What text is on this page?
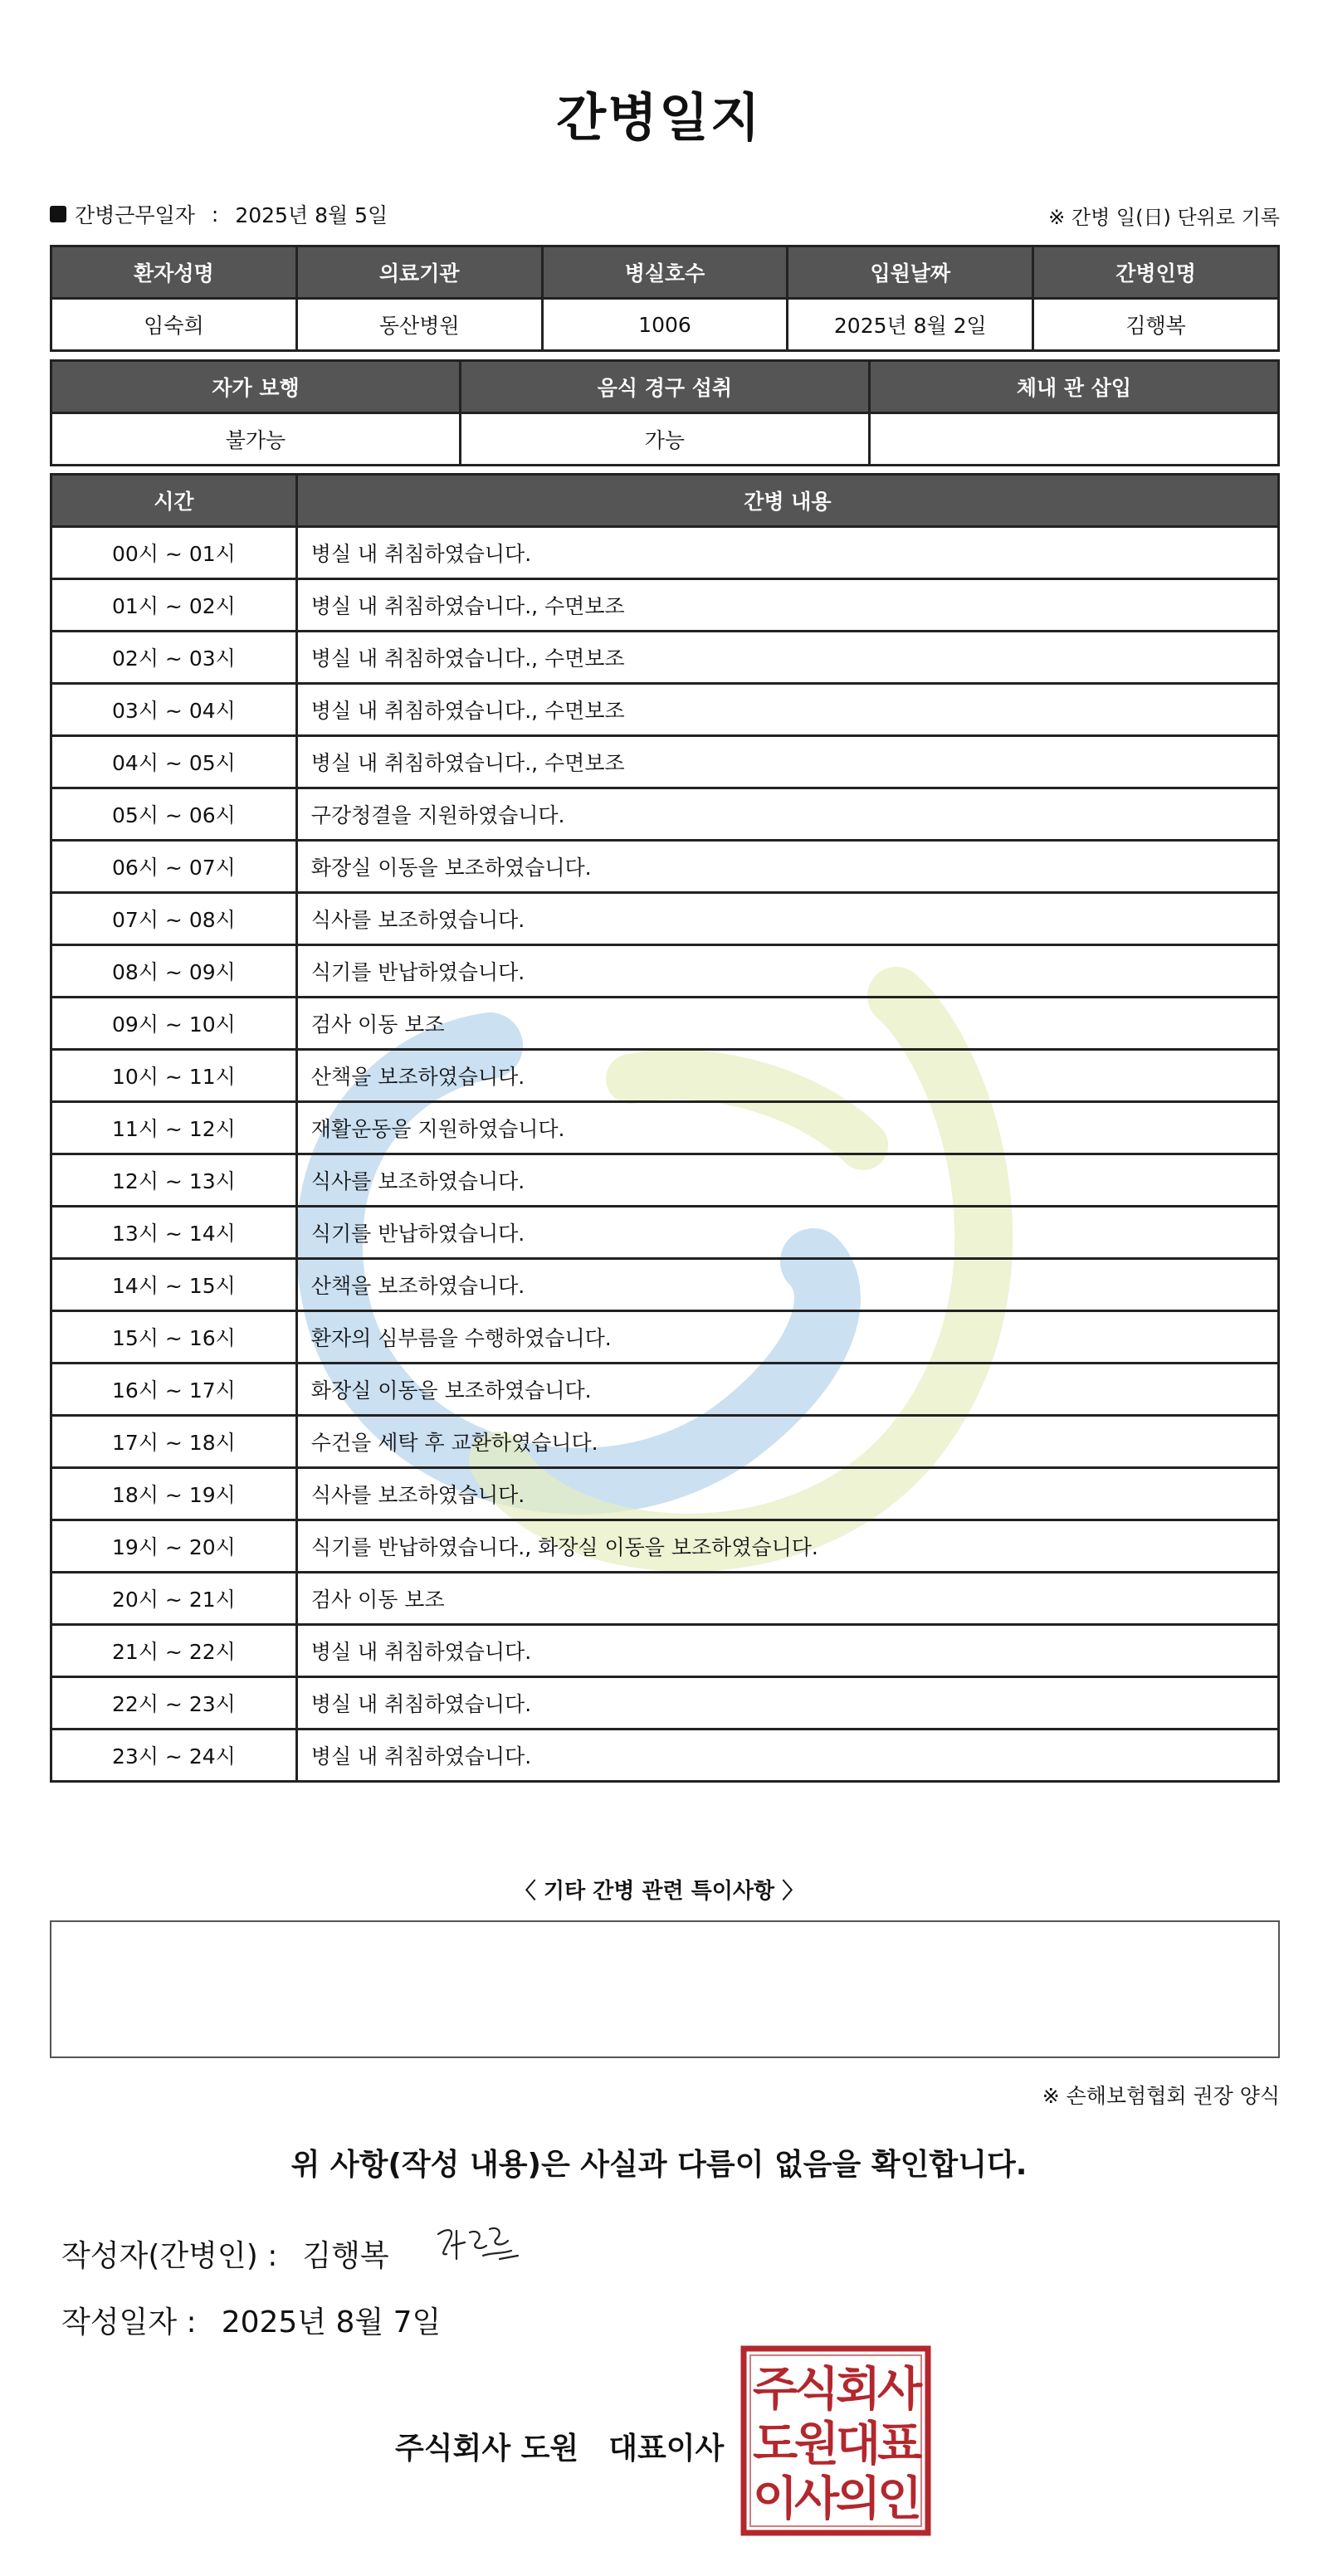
간병일지
간병근무일자 : 2025년 8월 5일	※ 간병 일(日) 단위로 기록
환자성명	의료기관	병실호수	입원날짜	간병인명
임숙희	동산병원	1006	2025년 8월 2일	김행복
자가 보행	음식 경구 섭취	체내 관 삽입
불가능	가능	
시간	간병 내용
00시 ~ 01시	병실 내 취침하였습니다.
01시 ~ 02시	병실 내 취침하였습니다., 수면보조
02시 ~ 03시	병실 내 취침하였습니다., 수면보조
03시 ~ 04시	병실 내 취침하였습니다., 수면보조
04시 ~ 05시	병실 내 취침하였습니다., 수면보조
05시 ~ 06시	구강청결을 지원하였습니다.
06시 ~ 07시	화장실 이동을 보조하였습니다.
07시 ~ 08시	식사를 보조하였습니다.
08시 ~ 09시	식기를 반납하였습니다.
09시 ~ 10시	검사 이동 보조
10시 ~ 11시	산책을 보조하였습니다.
11시 ~ 12시	재활운동을 지원하였습니다.
12시 ~ 13시	식사를 보조하였습니다.
13시 ~ 14시	식기를 반납하였습니다.
14시 ~ 15시	산책을 보조하였습니다.
15시 ~ 16시	환자의 심부름을 수행하였습니다.
16시 ~ 17시	화장실 이동을 보조하였습니다.
17시 ~ 18시	수건을 세탁 후 교환하였습니다.
18시 ~ 19시	식사를 보조하였습니다.
19시 ~ 20시	식기를 반납하였습니다., 화장실 이동을 보조하였습니다.
20시 ~ 21시	검사 이동 보조
21시 ~ 22시	병실 내 취침하였습니다.
22시 ~ 23시	병실 내 취침하였습니다.
23시 ~ 24시	병실 내 취침하였습니다.
〈 기타 간병 관련 특이사항 〉
※ 손해보험협회 권장 양식
위 사항(작성 내용)은 사실과 다름이 없음을 확인합니다.
작성자(간병인) : 김행복
작성일자 : 2025년 8월 7일
주식회사 도원 대표이사
주
식
회
사
도
원
대
표
이
사
의
인
